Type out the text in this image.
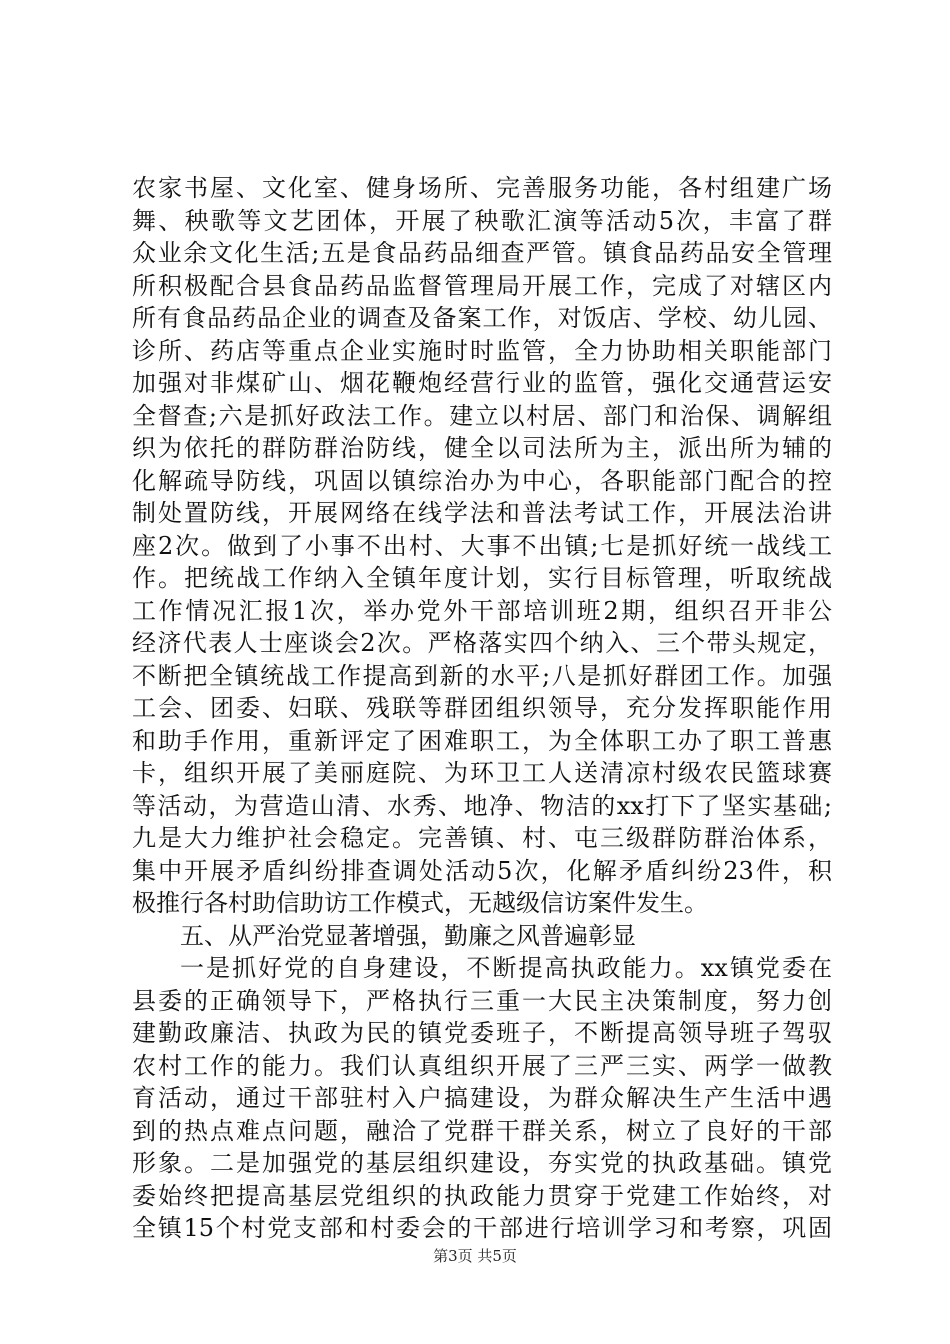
农家书屋、文化室、健身场所、完善服务功能，各村组建广场
舞、秧歌等文艺团体，开展了秧歌汇演等活动5次，丰富了群
众业余文化生活;五是食品药品细查严管。镇食品药品安全管理
所积极配合县食品药品监督管理局开展工作，完成了对辖区内
所有食品药品企业的调查及备案工作，对饭店、学校、幼儿园、
诊所、药店等重点企业实施时时监管，全力协助相关职能部门
加强对非煤矿山、烟花鞭炮经营行业的监管，强化交通营运安
全督查;六是抓好政法工作。建立以村居、部门和治保、调解组
织为依托的群防群治防线，健全以司法所为主，派出所为辅的
化解疏导防线，巩固以镇综治办为中心，各职能部门配合的控
制处置防线，开展网络在线学法和普法考试工作，开展法治讲
座2次。做到了小事不出村、大事不出镇;七是抓好统一战线工
作。把统战工作纳入全镇年度计划，实行目标管理，听取统战
工作情况汇报1次，举办党外干部培训班2期，组织召开非公
经济代表人士座谈会2次。严格落实四个纳入、三个带头规定，
不断把全镇统战工作提高到新的水平;八是抓好群团工作。加强
工会、团委、妇联、残联等群团组织领导，充分发挥职能作用
和助手作用，重新评定了困难职工，为全体职工办了职工普惠
卡，组织开展了美丽庭院、为环卫工人送清凉村级农民篮球赛
等活动，为营造山清、水秀、地净、物洁的xx打下了坚实基础;
九是大力维护社会稳定。完善镇、村、屯三级群防群治体系，
集中开展矛盾纠纷排查调处活动5次，化解矛盾纠纷23件，积
极推行各村助信助访工作模式，无越级信访案件发生。
五、从严治党显著增强，勤廉之风普遍彰显
一是抓好党的自身建设，不断提高执政能力。xx镇党委在
县委的正确领导下，严格执行三重一大民主决策制度，努力创
建勤政廉洁、执政为民的镇党委班子，不断提高领导班子驾驭
农村工作的能力。我们认真组织开展了三严三实、两学一做教
育活动，通过干部驻村入户搞建设，为群众解决生产生活中遇
到的热点难点问题，融洽了党群干群关系，树立了良好的干部
形象。二是加强党的基层组织建设，夯实党的执政基础。镇党
委始终把提高基层党组织的执政能力贯穿于党建工作始终，对
全镇15个村党支部和村委会的干部进行培训学习和考察，巩固
第3页 共5页
